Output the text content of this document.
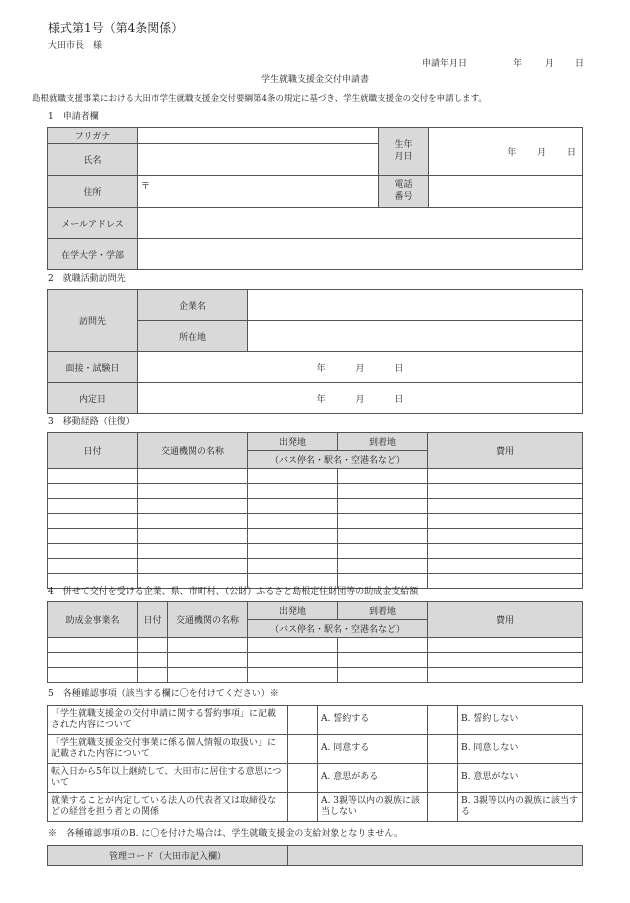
様式第1号（第4条関係）
大田市長　様
申請年月日	年	月 日
学生就職支援金交付申請書
島根就職支援事業における大田市学生就職支援金交付要綱第4条の規定に基づき、学生就職支援金の交付を申請します。
1　申請者欄
フリガナ		生年月日	年   月   日
氏名			
住所	〒	電話番号	
メールアドレス			
在学大学・学部			
2　就職活動訪問先
訪問先	企業名	
	所在地	
面接・試験日	年    月    日	
内定日	年    月    日	
3　移動経路（往復）
日付	交通機関の名称	出発地	到着地	費用
		（バス停名・駅名・空港名など）		

4　併せて交付を受ける企業、県、市町村、（公財）ふるさと島根定住財団等の助成金支給額
助成金事業名	日付	交通機関の名称	出発地	到着地	費用
			（バス停名・駅名・空港名など）		

5　各種確認事項（該当する欄に〇を付けてください）※
「学生就職支援金の交付申請に関する誓約事項」に記載された内容について		A. 誓約する		B. 誓約しない
「学生就職支援金交付事業に係る個人情報の取扱い」に記載された内容について		A. 同意する		B. 同意しない
転入日から5年以上継続して、大田市に居住する意思について		A. 意思がある		B. 意思がない
就業することが内定している法人の代表者又は取締役などの経営を担う者との関係		A. 3親等以内の親族に該当しない		B. 3親等以内の親族に該当する
※　各種確認事項のB. に〇を付けた場合は、学生就職支援金の支給対象となりません。
管理コード（大田市記入欄）	
